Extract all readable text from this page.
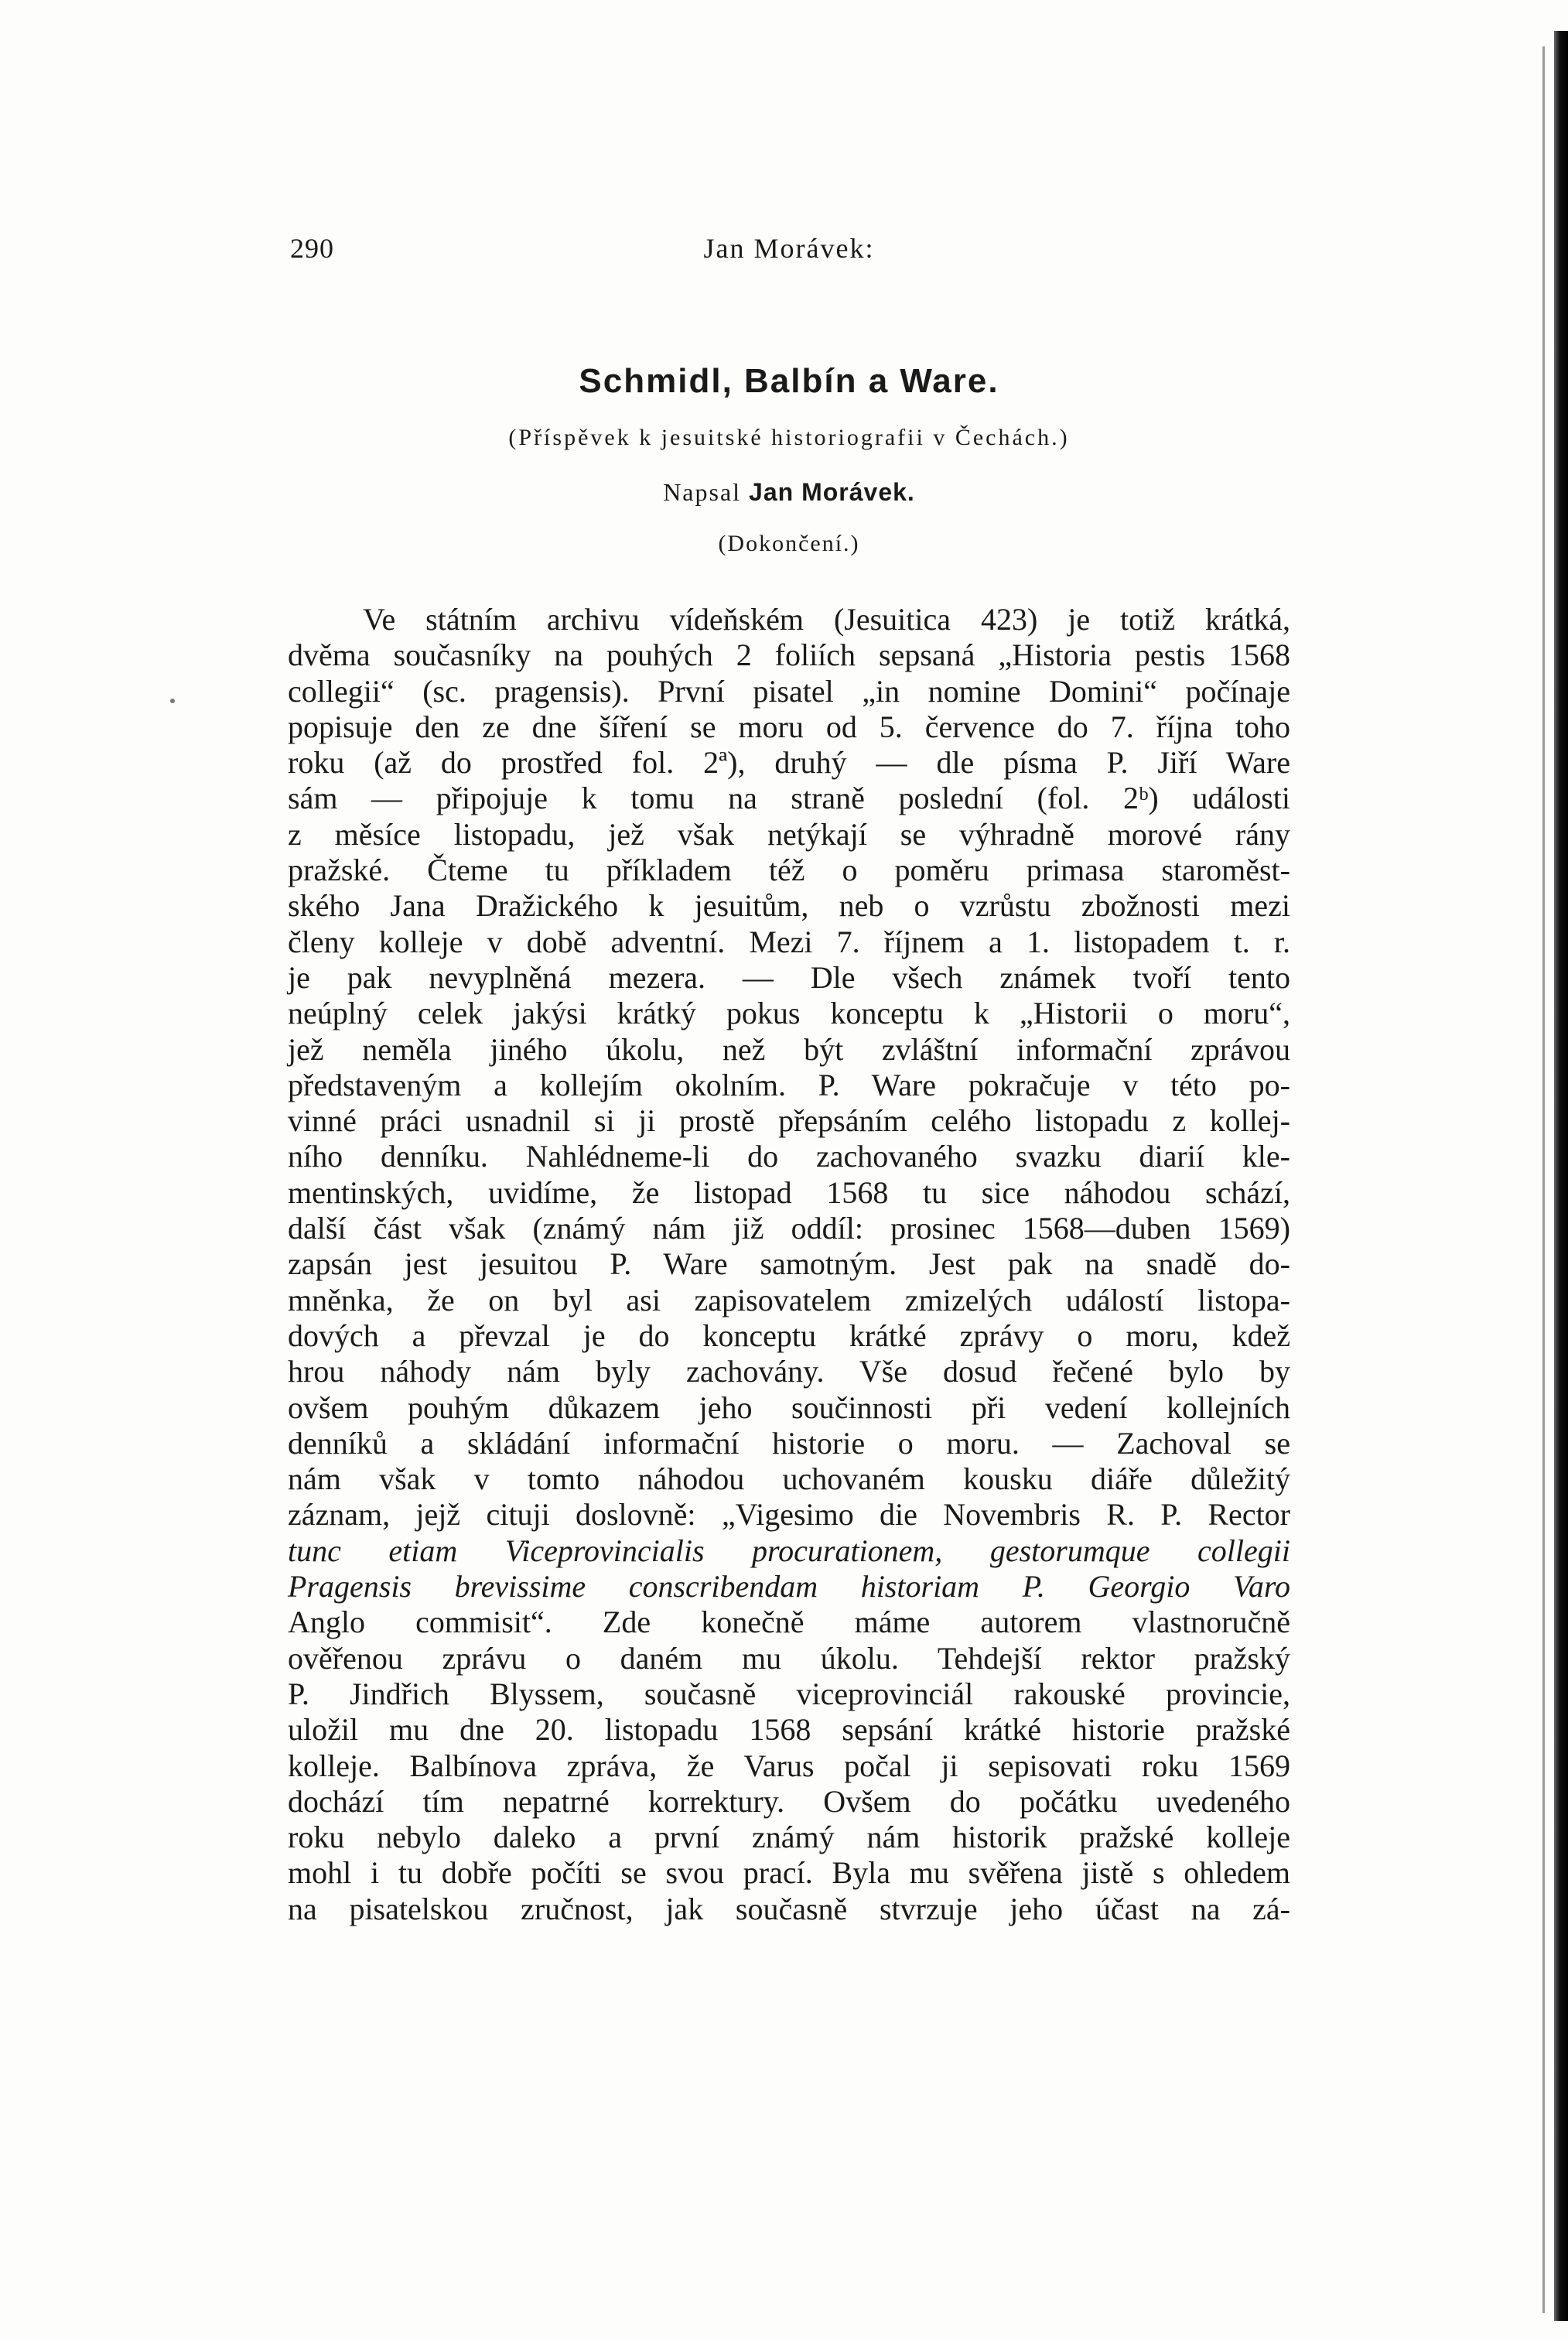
290	Jan Morávek:
Schmidl, Balbín a Ware.
(Příspěvek k jesuitské historiografii v Čechách.)
Napsal Jan Morávek.
(Dokončení.)
Ve státním archivu vídeňském (Jesuitica 423) je totiž krátká,
dvěma současníky na pouhých 2 foliích sepsaná „Historia pestis 1568
collegii“ (sc. pragensis). První pisatel „in nomine Domini“ počínaje
popisuje den ze dne šíření se moru od 5. července do 7. října toho
roku (až do prostřed fol. 2ª), druhý — dle písma P. Jiří Ware
sám — připojuje k tomu na straně poslední (fol. 2ᵇ) události
z měsíce listopadu, jež však netýkají se výhradně morové rány
pražské. Čteme tu příkladem též o poměru primasa staroměst-
ského Jana Dražického k jesuitům, neb o vzrůstu zbožnosti mezi
členy kolleje v době adventní. Mezi 7. říjnem a 1. listopadem t. r.
je pak nevyplněná mezera. — Dle všech známek tvoří tento
neúplný celek jakýsi krátký pokus konceptu k „Historii o moru“,
jež neměla jiného úkolu, než být zvláštní informační zprávou
představeným a kollejím okolním. P. Ware pokračuje v této po-
vinné práci usnadnil si ji prostě přepsáním celého listopadu z kollej-
ního denníku. Nahlédneme-li do zachovaného svazku diarií kle-
mentinských, uvidíme, že listopad 1568 tu sice náhodou schází,
další část však (známý nám již oddíl: prosinec 1568—duben 1569)
zapsán jest jesuitou P. Ware samotným. Jest pak na snadě do-
mněnka, že on byl asi zapisovatelem zmizelých událostí listopa-
dových a převzal je do konceptu krátké zprávy o moru, kdež
hrou náhody nám byly zachovány. Vše dosud řečené bylo by
ovšem pouhým důkazem jeho součinnosti při vedení kollejních
denníků a skládání informační historie o moru. — Zachoval se
nám však v tomto náhodou uchovaném kousku diáře důležitý
záznam, jejž cituji doslovně: „Vigesimo die Novembris R. P. Rector
tunc etiam Viceprovincialis procurationem, gestorumque collegii
Pragensis brevissime conscribendam historiam P. Georgio Varo
Anglo commisit“. Zde konečně máme autorem vlastnoručně
ověřenou zprávu o daném mu úkolu. Tehdejší rektor pražský
P. Jindřich Blyssem, současně viceprovinciál rakouské provincie,
uložil mu dne 20. listopadu 1568 sepsání krátké historie pražské
kolleje. Balbínova zpráva, že Varus počal ji sepisovati roku 1569
dochází tím nepatrné korrektury. Ovšem do počátku uvedeného
roku nebylo daleko a první známý nám historik pražské kolleje
mohl i tu dobře počíti se svou prací. Byla mu svěřena jistě s ohledem
na pisatelskou zručnost, jak současně stvrzuje jeho účast na zá-
